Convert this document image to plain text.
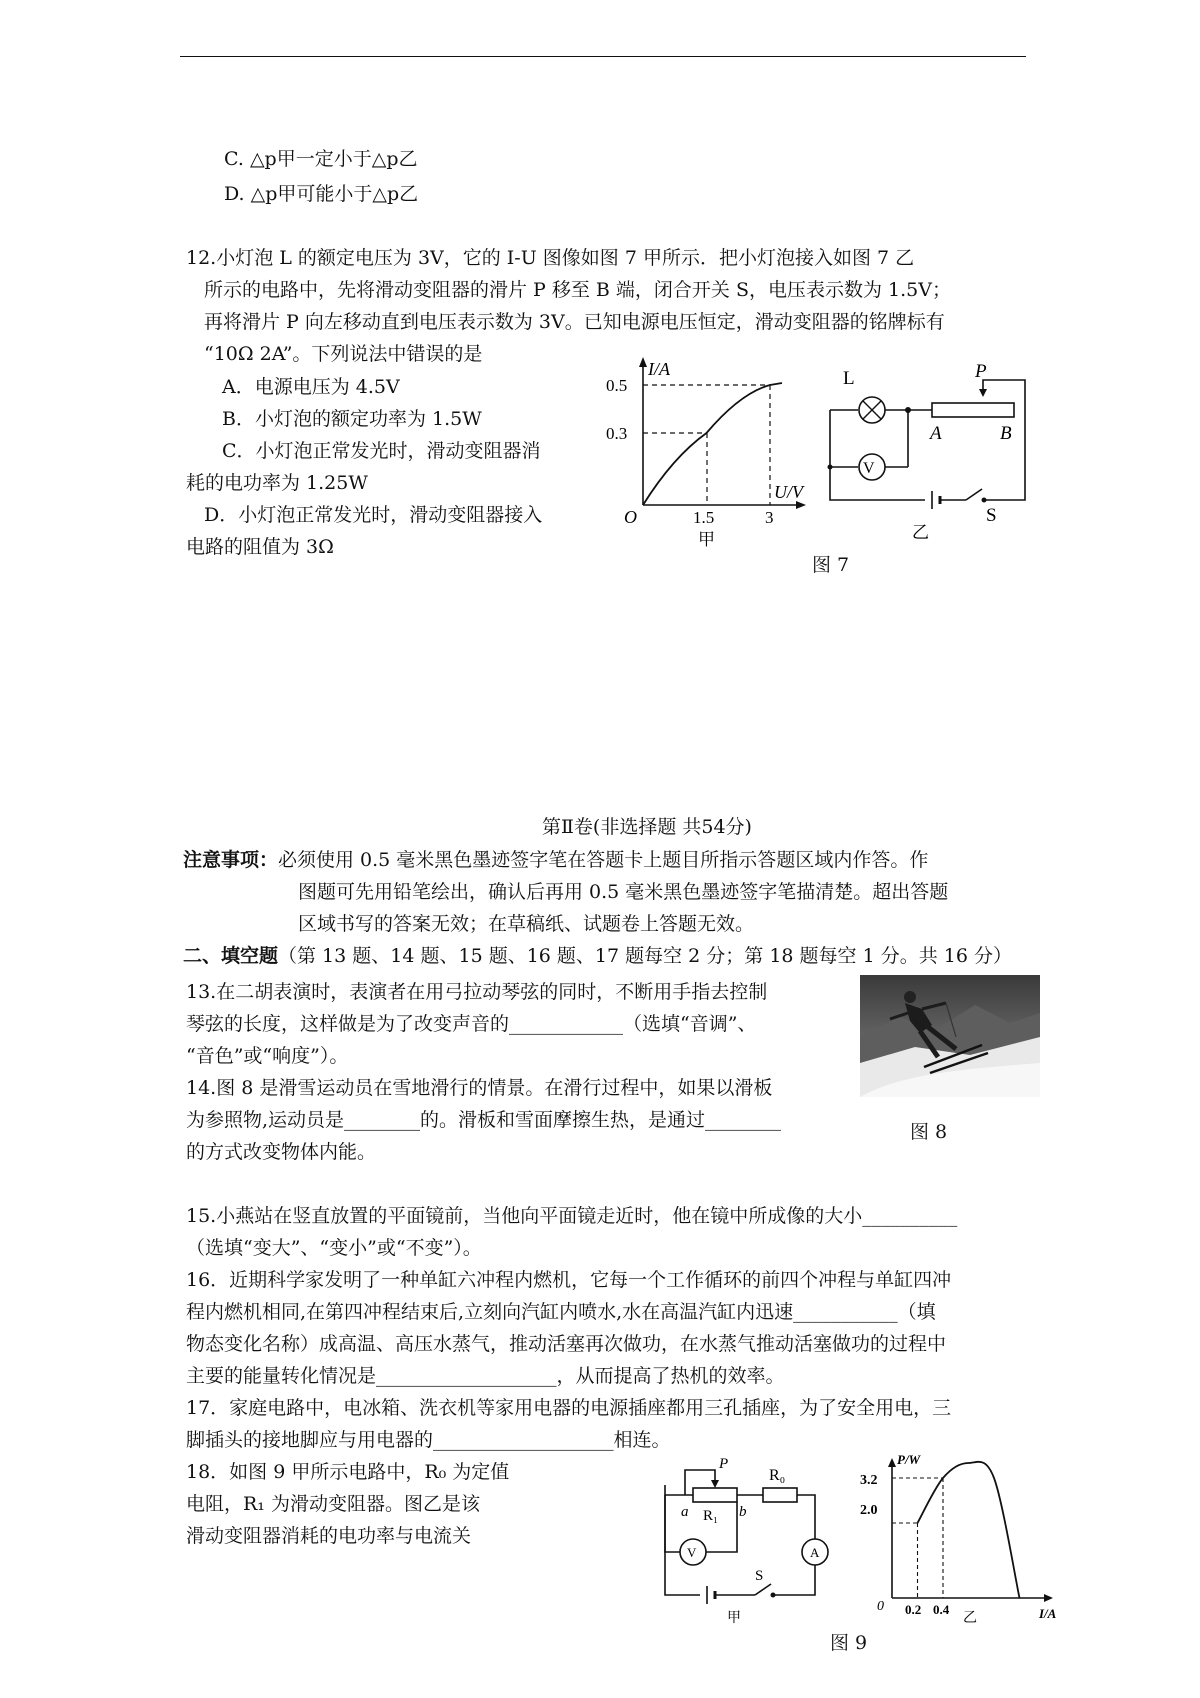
C. △p甲一定小于△p乙
D. △p甲可能小于△p乙
12.小灯泡 L 的额定电压为 3V，它的 I-U 图像如图 7 甲所示．把小灯泡接入如图 7 乙
所示的电路中，先将滑动变阻器的滑片 P 移至 B 端，闭合开关 S，电压表示数为 1.5V；
再将滑片 P 向左移动直到电压表示数为 3V。已知电源电压恒定，滑动变阻器的铭牌标有
“10Ω 2A”。下列说法中错误的是
A．电源电压为 4.5V
B．小灯泡的额定功率为 1.5W
C．小灯泡正常发光时，滑动变阻器消
耗的电功率为 1.25W
D．小灯泡正常发光时，滑动变阻器接入
电路的阻值为 3Ω
I/A
U/V
O
0.5
0.3
1.5	3
甲
V
L	P
A	B
S
乙
图 7
第Ⅱ卷(非选择题 共54分)
注意事项：必须使用 0.5 毫米黑色墨迹签字笔在答题卡上题目所指示答题区域内作答。作
图题可先用铅笔绘出，确认后再用 0.5 毫米黑色墨迹签字笔描清楚。超出答题
区域书写的答案无效；在草稿纸、试题卷上答题无效。
二、填空题（第 13 题、14 题、15 题、16 题、17 题每空 2 分；第 18 题每空 1 分。共 16 分）
13.在二胡表演时，表演者在用弓拉动琴弦的同时，不断用手指去控制
琴弦的长度，这样做是为了改变声音的____________（选填“音调”、
“音色”或“响度”）。
14.图 8 是滑雪运动员在雪地滑行的情景。在滑行过程中，如果以滑板
为参照物,运动员是________的。滑板和雪面摩擦生热，是通过________
的方式改变物体内能。
图 8
15.小燕站在竖直放置的平面镜前，当他向平面镜走近时，他在镜中所成像的大小__________
（选填“变大”、“变小”或“不变”）。
16．近期科学家发明了一种单缸六冲程内燃机，它每一个工作循环的前四个冲程与单缸四冲
程内燃机相同,在第四冲程结束后,立刻向汽缸内喷水,水在高温汽缸内迅速___________（填
物态变化名称）成高温、高压水蒸气，推动活塞再次做功，在水蒸气推动活塞做功的过程中
主要的能量转化情况是___________________，从而提高了热机的效率。
17．家庭电路中，电冰箱、洗衣机等家用电器的电源插座都用三孔插座，为了安全用电，三
脚插头的接地脚应与用电器的___________________相连。
18．如图 9 甲所示电路中，R₀ 为定值
电阻，R₁ 为滑动变阻器。图乙是该
滑动变阻器消耗的电功率与电流关
P
a	b
R₁
R₀
V	A
S
甲
P/W
I/A
0
3.2
2.0
0.2 0.4
乙
图 9
